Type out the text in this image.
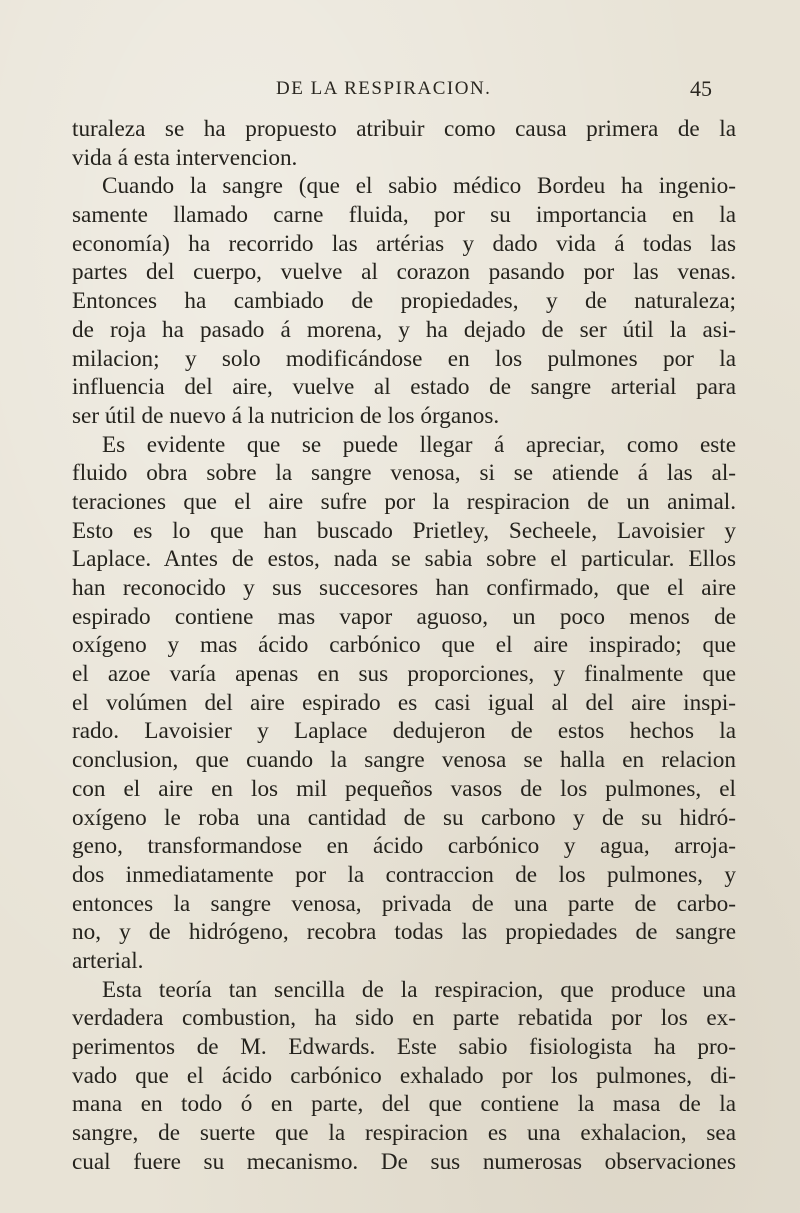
DE LA RESPIRACION.	45
turaleza se ha propuesto atribuir como causa primera de la
vida á esta intervencion.
Cuando la sangre (que el sabio médico Bordeu ha ingenio-
samente llamado carne fluida, por su importancia en la
economía) ha recorrido las artérias y dado vida á todas las
partes del cuerpo, vuelve al corazon pasando por las venas.
Entonces ha cambiado de propiedades, y de naturaleza;
de roja ha pasado á morena, y ha dejado de ser útil la asi-
milacion; y solo modificándose en los pulmones por la
influencia del aire, vuelve al estado de sangre arterial para
ser útil de nuevo á la nutricion de los órganos.
Es evidente que se puede llegar á apreciar, como este
fluido obra sobre la sangre venosa, si se atiende á las al-
teraciones que el aire sufre por la respiracion de un animal.
Esto es lo que han buscado Prietley, Secheele, Lavoisier y
Laplace. Antes de estos, nada se sabia sobre el particular. Ellos
han reconocido y sus succesores han confirmado, que el aire
espirado contiene mas vapor aguoso, un poco menos de
oxígeno y mas ácido carbónico que el aire inspirado; que
el azoe varía apenas en sus proporciones, y finalmente que
el volúmen del aire espirado es casi igual al del aire inspi-
rado. Lavoisier y Laplace dedujeron de estos hechos la
conclusion, que cuando la sangre venosa se halla en relacion
con el aire en los mil pequeños vasos de los pulmones, el
oxígeno le roba una cantidad de su carbono y de su hidró-
geno, transformandose en ácido carbónico y agua, arroja-
dos inmediatamente por la contraccion de los pulmones, y
entonces la sangre venosa, privada de una parte de carbo-
no, y de hidrógeno, recobra todas las propiedades de sangre
arterial.
Esta teoría tan sencilla de la respiracion, que produce una
verdadera combustion, ha sido en parte rebatida por los ex-
perimentos de M. Edwards. Este sabio fisiologista ha pro-
vado que el ácido carbónico exhalado por los pulmones, di-
mana en todo ó en parte, del que contiene la masa de la
sangre, de suerte que la respiracion es una exhalacion, sea
cual fuere su mecanismo. De sus numerosas observaciones
